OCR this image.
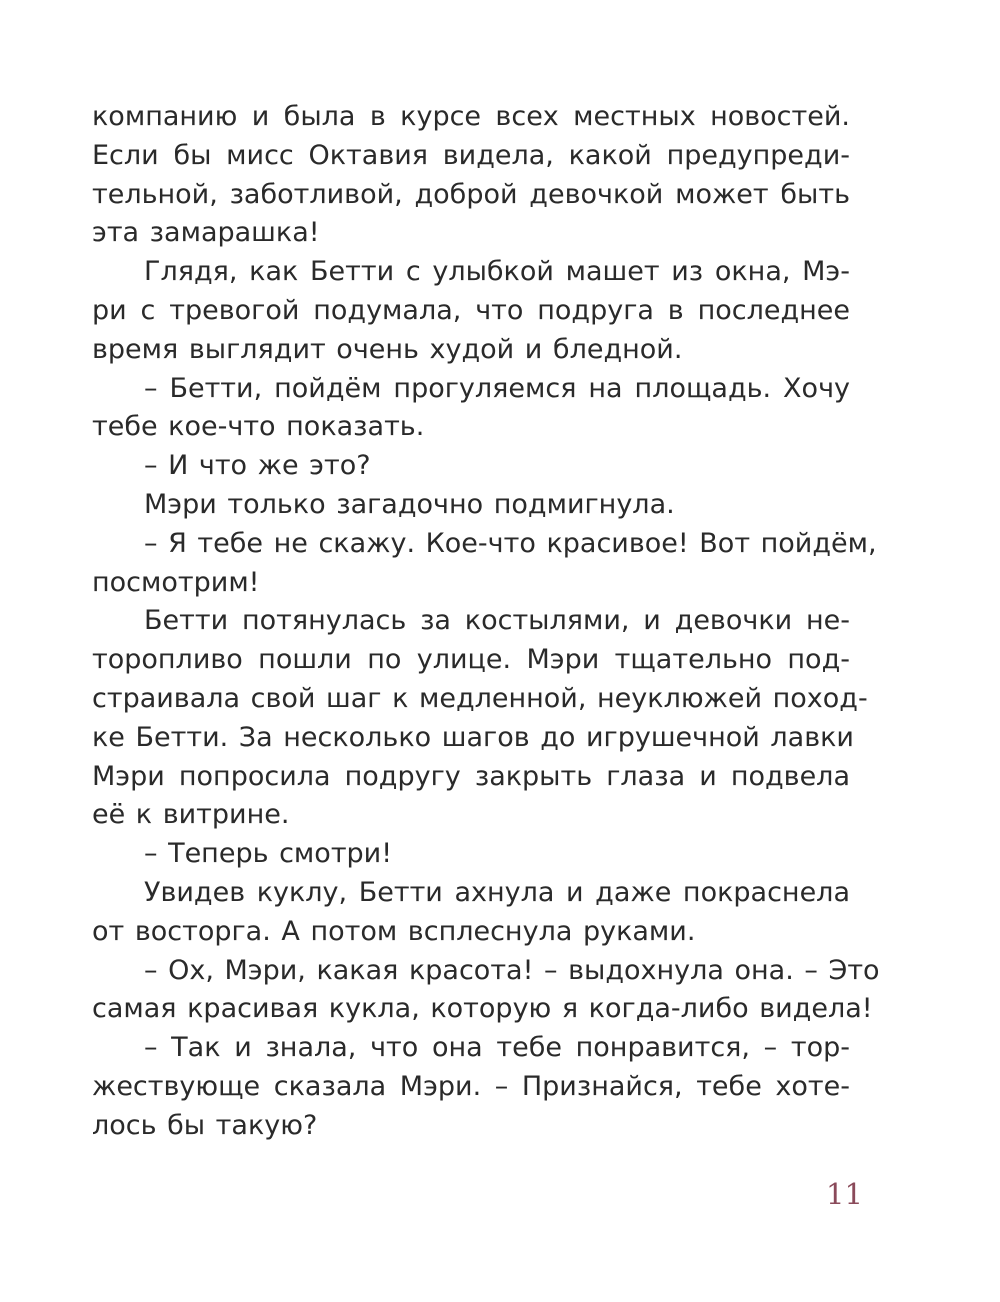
компанию и была в курсе всех местных новостей.
Если бы мисс Октавия видела, какой предупреди-
тельной, заботливой, доброй девочкой может быть
эта замарашка!
Глядя, как Бетти с улыбкой машет из окна, Мэ-
ри с тревогой подумала, что подруга в последнее
время выглядит очень худой и бледной.
– Бетти, пойдём прогуляемся на площадь. Хочу
тебе кое-что показать.
– И что же это?
Мэри только загадочно подмигнула.
– Я тебе не скажу. Кое-что красивое! Вот пойдём,
посмотрим!
Бетти потянулась за костылями, и девочки не-
торопливо пошли по улице. Мэри тщательно под-
страивала свой шаг к медленной, неуклюжей поход-
ке Бетти. За несколько шагов до игрушечной лавки
Мэри попросила подругу закрыть глаза и подвела
её к витрине.
– Теперь смотри!
Увидев куклу, Бетти ахнула и даже покраснела
от восторга. А потом всплеснула руками.
– Ох, Мэри, какая красота! – выдохнула она. – Это
самая красивая кукла, которую я когда-либо видела!
– Так и знала, что она тебе понравится, – тор-
жествующе сказала Мэри. – Признайся, тебе хоте-
лось бы такую?
11
